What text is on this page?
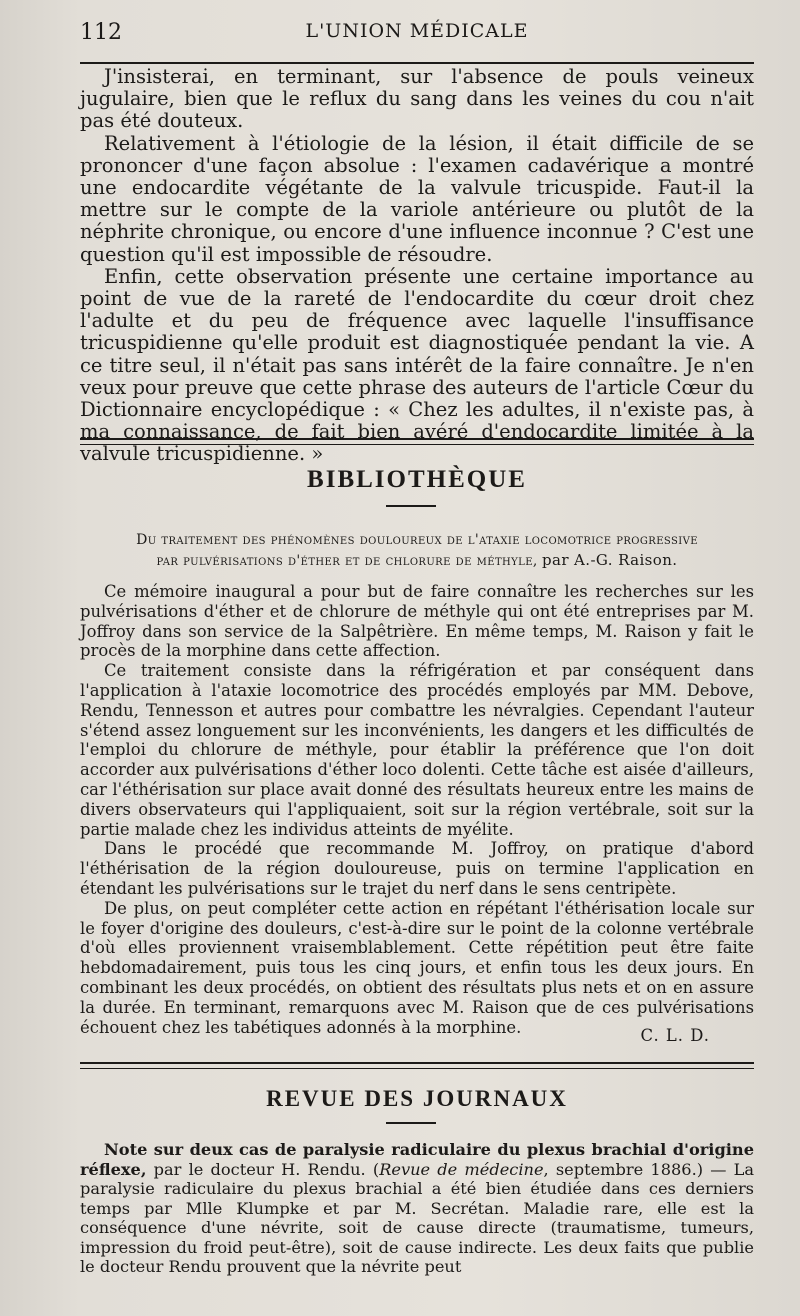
112	L'UNION MÉDICALE

J'insisterai, en terminant, sur l'absence de pouls veineux jugulaire, bien que le reflux du sang dans les veines du cou n'ait pas été douteux.

Relativement à l'étiologie de la lésion, il était difficile de se prononcer d'une façon absolue : l'examen cadavérique a montré une endocardite végétante de la valvule tricuspide. Faut-il la mettre sur le compte de la variole antérieure ou plutôt de la néphrite chronique, ou encore d'une influence inconnue ? C'est une question qu'il est impossible de résoudre.

Enfin, cette observation présente une certaine importance au point de vue de la rareté de l'endocardite du cœur droit chez l'adulte et du peu de fréquence avec laquelle l'insuffisance tricuspidienne qu'elle produit est diagnostiquée pendant la vie. A ce titre seul, il n'était pas sans intérêt de la faire connaître. Je n'en veux pour preuve que cette phrase des auteurs de l'article Cœur du Dictionnaire encyclopédique : « Chez les adultes, il n'existe pas, à ma connaissance, de fait bien avéré d'endocardite limitée à la valvule tricuspidienne. »

BIBLIOTHÈQUE
Du traitement des phénomènes douloureux de l'ataxie locomotrice progressive
par pulvérisations d'éther et de chlorure de méthyle, par A.-G. Raison.

Ce mémoire inaugural a pour but de faire connaître les recherches sur les pulvérisations d'éther et de chlorure de méthyle qui ont été entreprises par M. Joffroy dans son service de la Salpêtrière. En même temps, M. Raison y fait le procès de la morphine dans cette affection.

Ce traitement consiste dans la réfrigération et par conséquent dans l'application à l'ataxie locomotrice des procédés employés par MM. Debove, Rendu, Tennesson et autres pour combattre les névralgies. Cependant l'auteur s'étend assez longuement sur les inconvénients, les dangers et les difficultés de l'emploi du chlorure de méthyle, pour établir la préférence que l'on doit accorder aux pulvérisations d'éther loco dolenti. Cette tâche est aisée d'ailleurs, car l'éthérisation sur place avait donné des résultats heureux entre les mains de divers observateurs qui l'appliquaient, soit sur la région vertébrale, soit sur la partie malade chez les individus atteints de myélite.

Dans le procédé que recommande M. Joffroy, on pratique d'abord l'éthérisation de la région douloureuse, puis on termine l'application en étendant les pulvérisations sur le trajet du nerf dans le sens centripète.

De plus, on peut compléter cette action en répétant l'éthérisation locale sur le foyer d'origine des douleurs, c'est-à-dire sur le point de la colonne vertébrale d'où elles proviennent vraisemblablement. Cette répétition peut être faite hebdomadairement, puis tous les cinq jours, et enfin tous les deux jours. En combinant les deux procédés, on obtient des résultats plus nets et on en assure la durée. En terminant, remarquons avec M. Raison que de ces pulvérisations échouent chez les tabétiques adonnés à la morphine.	C. L. D.
REVUE DES JOURNAUX

Note sur deux cas de paralysie radiculaire du plexus brachial d'origine réflexe, par le docteur H. Rendu. (Revue de médecine, septembre 1886.) — La paralysie radiculaire du plexus brachial a été bien étudiée dans ces derniers temps par Mlle Klumpke et par M. Secrétan. Maladie rare, elle est la conséquence d'une névrite, soit de cause directe (traumatisme, tumeurs, impression du froid peut-être), soit de cause indirecte. Les deux faits que publie le docteur Rendu prouvent que la névrite peut
